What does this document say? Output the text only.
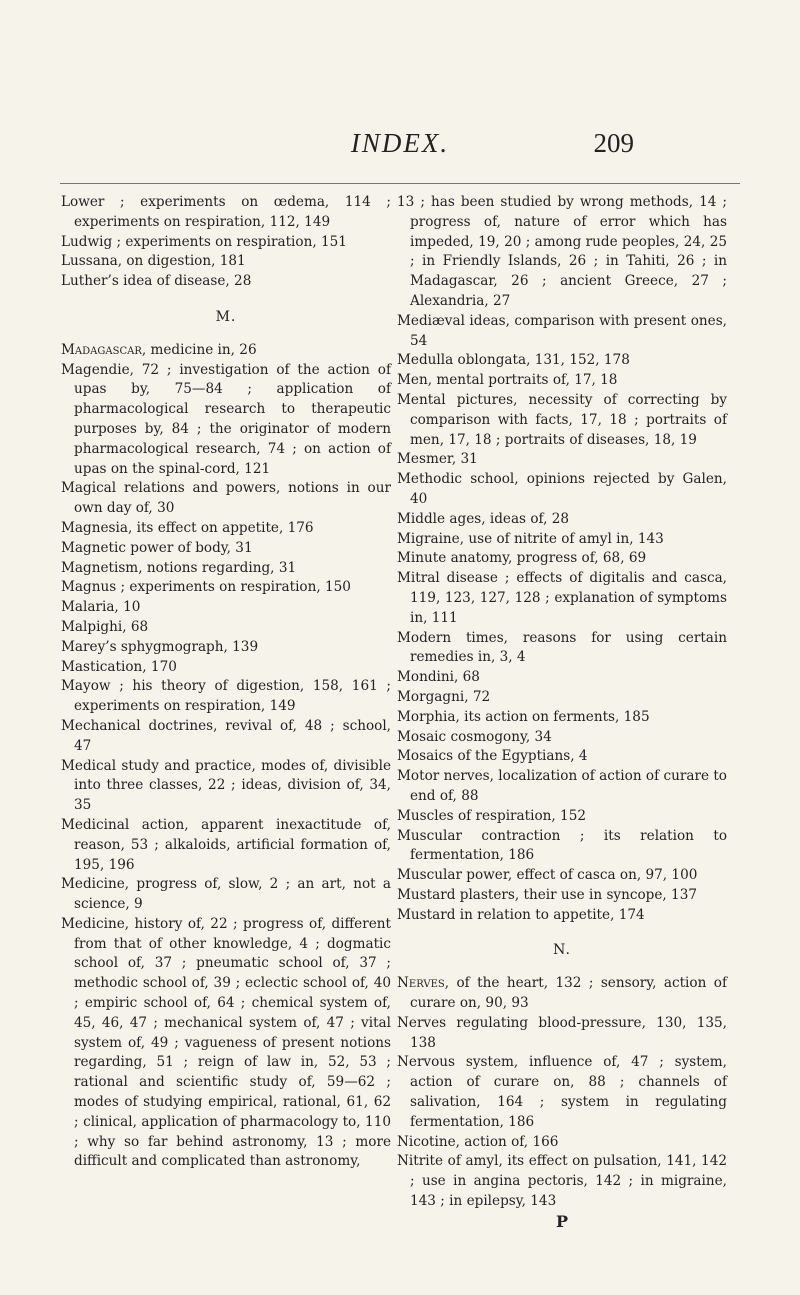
INDEX.	209

Lower ; experiments on œdema, 114 ; experiments on respiration, 112, 149

Ludwig ; experiments on respiration, 151

Lussana, on digestion, 181

Luther’s idea of disease, 28

M.

Madagascar, medicine in, 26

Magendie, 72 ; investigation of the action of upas by, 75—84 ; application of pharmacological research to therapeutic purposes by, 84 ; the originator of modern pharmacological research, 74 ; on action of upas on the spinal-cord, 121

Magical relations and powers, notions in our own day of, 30

Magnesia, its effect on appetite, 176

Magnetic power of body, 31

Magnetism, notions regarding, 31

Magnus ; experiments on respiration, 150

Malaria, 10

Malpighi, 68

Marey’s sphygmograph, 139

Mastication, 170

Mayow ; his theory of digestion, 158, 161 ; experiments on respiration, 149

Mechanical doctrines, revival of, 48 ; school, 47

Medical study and practice, modes of, divisible into three classes, 22 ; ideas, division of, 34, 35

Medicinal action, apparent inexactitude of, reason, 53 ; alkaloids, artificial formation of, 195, 196

Medicine, progress of, slow, 2 ; an art, not a science, 9

Medicine, history of, 22 ; progress of, different from that of other knowledge, 4 ; dogmatic school of, 37 ; pneumatic school of, 37 ; methodic school of, 39 ; eclectic school of, 40 ; empiric school of, 64 ; chemical system of, 45, 46, 47 ; mechanical system of, 47 ; vital system of, 49 ; vagueness of present notions regarding, 51 ; reign of law in, 52, 53 ; rational and scientific study of, 59—62 ; modes of studying empirical, rational, 61, 62 ; clinical, application of pharmacology to, 110 ; why so far behind astronomy, 13 ; more difficult and complicated than astronomy,

13 ; has been studied by wrong methods, 14 ; progress of, nature of error which has impeded, 19, 20 ; among rude peoples, 24, 25 ; in Friendly Islands, 26 ; in Tahiti, 26 ; in Madagascar, 26 ; ancient Greece, 27 ; Alexandria, 27

Mediæval ideas, comparison with present ones, 54

Medulla oblongata, 131, 152, 178

Men, mental portraits of, 17, 18

Mental pictures, necessity of correcting by comparison with facts, 17, 18 ; portraits of men, 17, 18 ; portraits of diseases, 18, 19

Mesmer, 31

Methodic school, opinions rejected by Galen, 40

Middle ages, ideas of, 28

Migraine, use of nitrite of amyl in, 143

Minute anatomy, progress of, 68, 69

Mitral disease ; effects of digitalis and casca, 119, 123, 127, 128 ; explanation of symptoms in, 111

Modern times, reasons for using certain remedies in, 3, 4

Mondini, 68

Morgagni, 72

Morphia, its action on ferments, 185

Mosaic cosmogony, 34

Mosaics of the Egyptians, 4

Motor nerves, localization of action of curare to end of, 88

Muscles of respiration, 152

Muscular contraction ; its relation to fermentation, 186

Muscular power, effect of casca on, 97, 100

Mustard plasters, their use in syncope, 137

Mustard in relation to appetite, 174

N.

Nerves, of the heart, 132 ; sensory, action of curare on, 90, 93

Nerves regulating blood-pressure, 130, 135, 138

Nervous system, influence of, 47 ; system, action of curare on, 88 ; channels of salivation, 164 ; system in regulating fermentation, 186

Nicotine, action of, 166

Nitrite of amyl, its effect on pulsation, 141, 142 ; use in angina pectoris, 142 ; in migraine, 143 ; in epilepsy, 143

P
